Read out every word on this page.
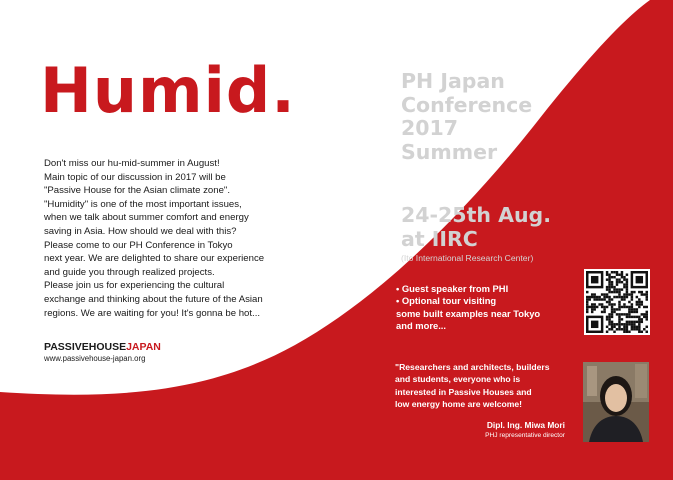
Humid.
Don't miss our hu-mid-summer in August!
Main topic of our discussion in 2017 will be
"Passive House for the Asian climate zone".
"Humidity" is one of the most important issues,
when we talk about summer comfort and energy
saving in Asia. How should we deal with this?
Please come to our PH Conference in Tokyo
next year. We are delighted to share our experience
and guide you through realized projects.
Please join us for experiencing the cultural
exchange and thinking about the future of the Asian
regions. We are waiting for you! It's gonna be hot...
PASSIVEHOUSEJAPAN
www.passivehouse-japan.org
PH Japan
Conference
2017
Summer
24-25th Aug.
at IIRC
(Ito International Research Center)
• Guest speaker from PHI
• Optional tour visiting
some built examples near Tokyo
and more...
"Researchers and architects, builders
and students, everyone who is
interested in Passive Houses and
low energy home are welcome!
Dipl. Ing. Miwa Mori
PHJ representative director
